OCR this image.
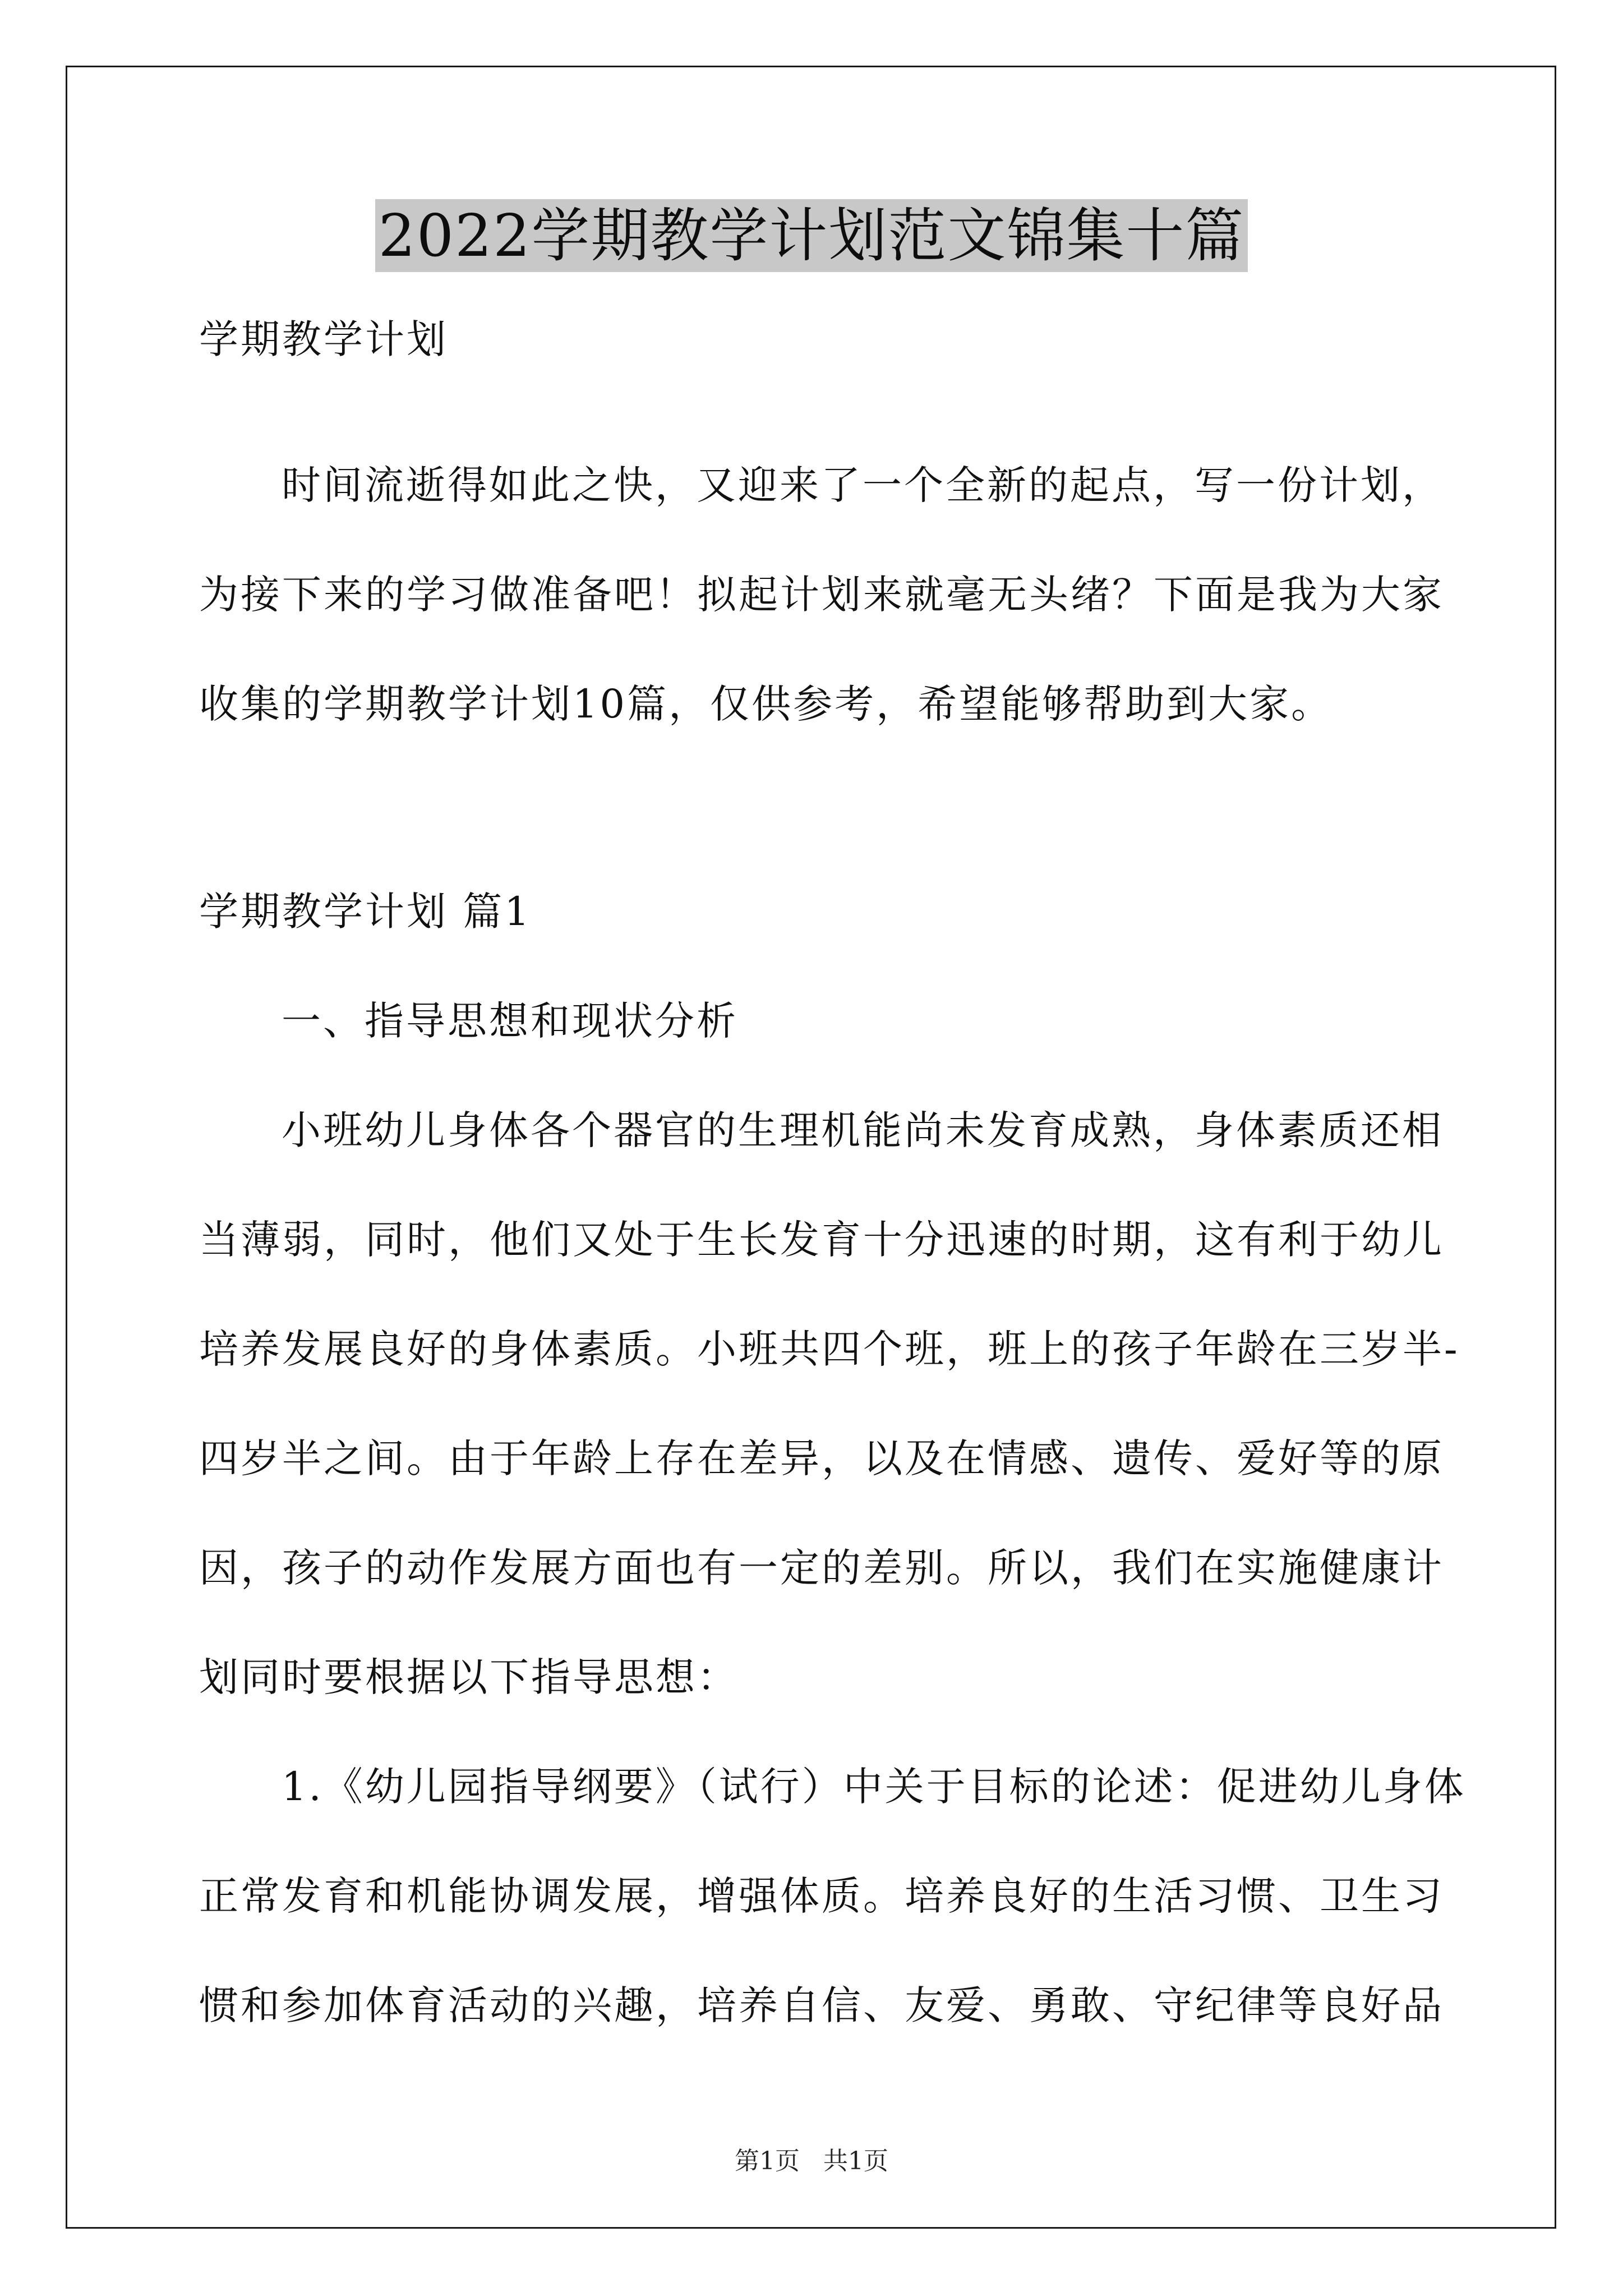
2022学期教学计划范文锦集十篇
学期教学计划
时间流逝得如此之快，又迎来了一个全新的起点，写一份计划，
为接下来的学习做准备吧！拟起计划来就毫无头绪？下面是我为大家
收集的学期教学计划10篇，仅供参考，希望能够帮助到大家。
学期教学计划 篇1
一、指导思想和现状分析
小班幼儿身体各个器官的生理机能尚未发育成熟，身体素质还相
当薄弱，同时，他们又处于生长发育十分迅速的时期，这有利于幼儿
培养发展良好的身体素质。小班共四个班，班上的孩子年龄在三岁半-
四岁半之间。由于年龄上存在差异，以及在情感、遗传、爱好等的原
因，孩子的动作发展方面也有一定的差别。所以，我们在实施健康计
划同时要根据以下指导思想：
1.《幼儿园指导纲要》（试行）中关于目标的论述：促进幼儿身体
正常发育和机能协调发展，增强体质。培养良好的生活习惯、卫生习
惯和参加体育活动的兴趣，培养自信、友爱、勇敢、守纪律等良好品
第1页 共1页
